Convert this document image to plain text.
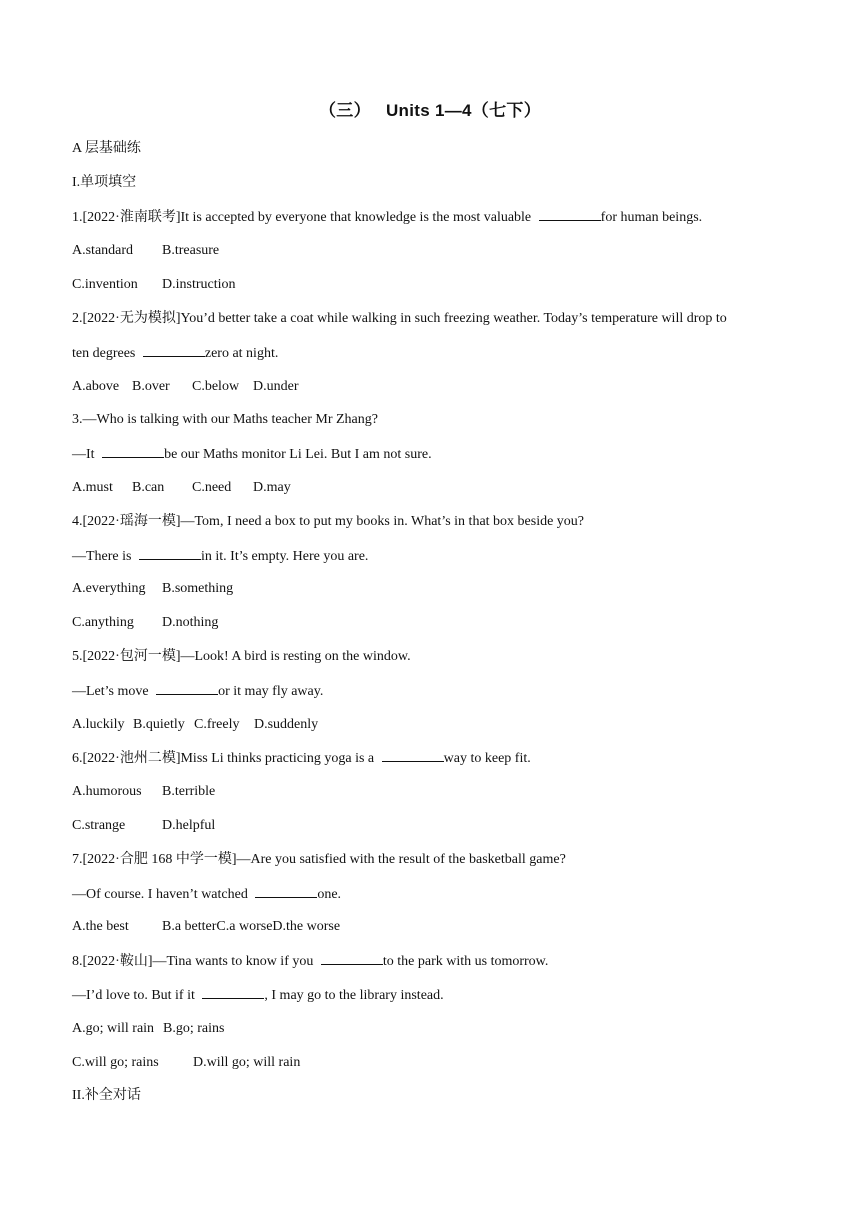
（三） Units 1—4（七下）
A 层基础练
I.单项填空
1.[2022·淮南联考]It is accepted by everyone that knowledge is the most valuable	for human beings.
A.standard B.treasure
C.invention D.instruction
2.[2022·无为模拟]You’d better take a coat while walking in such freezing weather. Today’s temperature will drop to
ten degrees	zero at night.
A.above B.over C.below D.under
3.—Who is talking with our Maths teacher Mr Zhang?
—It	be our Maths monitor Li Lei. But I am not sure.
A.must B.can C.need D.may
4.[2022·瑶海一模]—Tom, I need a box to put my books in. What’s in that box beside you?
—There is	in it. It’s empty. Here you are.
A.everything B.something
C.anything D.nothing
5.[2022·包河一模]—Look! A bird is resting on the window.
—Let’s move	or it may fly away.
A.luckily B.quietly C.freely D.suddenly
6.[2022·池州二模]Miss Li thinks practicing yoga is a	way to keep fit.
A.humorous B.terrible
C.strange	D.helpful
7.[2022·合肥 168 中学一模]—Are you satisfied with the result of the basketball game?
—Of course. I haven’t watched	one.
A.the best B.a betterC.a worseD.the worse
8.[2022·鞍山]—Tina wants to know if you	to the park with us tomorrow.
—I’d love to. But if it	, I may go to the library instead.
A.go; will rain B.go; rains
C.will go; rains D.will go; will rain
II.补全对话
